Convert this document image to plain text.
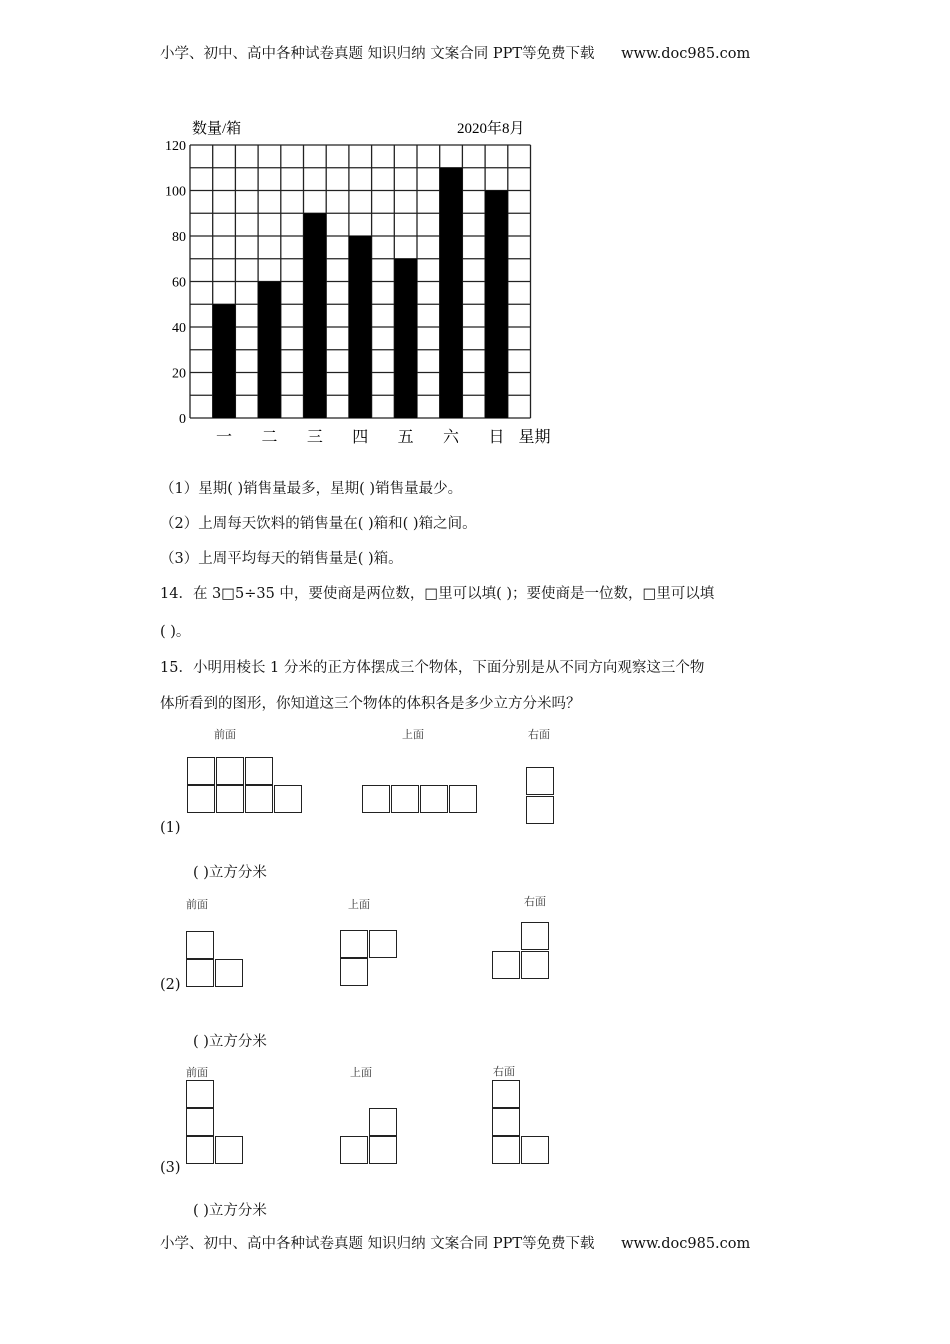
小学、初中、高中各种试卷真题 知识归纳 文案合同 PPT等免费下载 www.doc985.com
一 二 三 四 五 六 日
0
20
40
60
80
100
120
星期
数量/箱	2020年8月
（1）星期( )销售量最多，星期( )销售量最少。
（2）上周每天饮料的销售量在( )箱和( )箱之间。
（3）上周平均每天的销售量是( )箱。
14．在 3□5÷35 中，要使商是两位数，□里可以填( )；要使商是一位数，□里可以填
( )。
15．小明用棱长 1 分米的正方体摆成三个物体，下面分别是从不同方向观察这三个物
体所看到的图形，你知道这三个物体的体积各是多少立方分米吗？
前面	上面	右面
(1)
( )立方分米
前面	上面	右面
(2)
( )立方分米
前面	上面	右面
(3)
( )立方分米
小学、初中、高中各种试卷真题 知识归纳 文案合同 PPT等免费下载 www.doc985.com
